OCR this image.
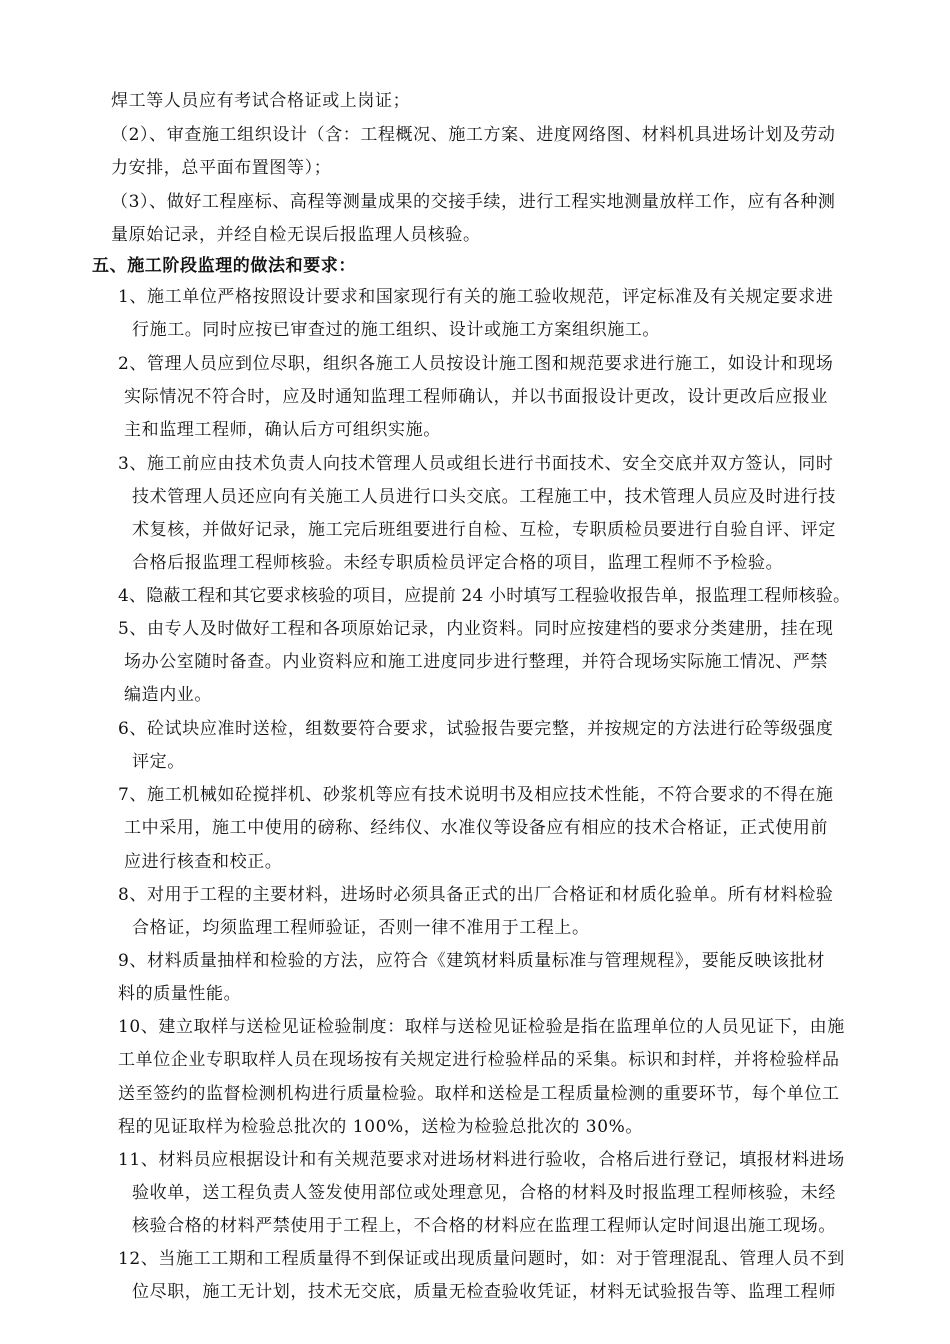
焊工等人员应有考试合格证或上岗证；
（2）、审查施工组织设计（含：工程概况、施工方案、进度网络图、材料机具进场计划及劳动
力安排，总平面布置图等）；
（3）、做好工程座标、高程等测量成果的交接手续，进行工程实地测量放样工作，应有各种测
量原始记录，并经自检无误后报监理人员核验。
五、施工阶段监理的做法和要求：
1、施工单位严格按照设计要求和国家现行有关的施工验收规范，评定标准及有关规定要求进
行施工。同时应按已审查过的施工组织、设计或施工方案组织施工。
2、管理人员应到位尽职，组织各施工人员按设计施工图和规范要求进行施工，如设计和现场
实际情况不符合时，应及时通知监理工程师确认，并以书面报设计更改，设计更改后应报业
主和监理工程师，确认后方可组织实施。
3、施工前应由技术负责人向技术管理人员或组长进行书面技术、安全交底并双方签认，同时
技术管理人员还应向有关施工人员进行口头交底。工程施工中，技术管理人员应及时进行技
术复核，并做好记录，施工完后班组要进行自检、互检，专职质检员要进行自验自评、评定
合格后报监理工程师核验。未经专职质检员评定合格的项目，监理工程师不予检验。
4、隐蔽工程和其它要求核验的项目，应提前 24 小时填写工程验收报告单，报监理工程师核验。
5、由专人及时做好工程和各项原始记录，内业资料。同时应按建档的要求分类建册，挂在现
场办公室随时备查。内业资料应和施工进度同步进行整理，并符合现场实际施工情况、严禁
编造内业。
6、砼试块应准时送检，组数要符合要求，试验报告要完整，并按规定的方法进行砼等级强度
评定。
7、施工机械如砼搅拌机、砂浆机等应有技术说明书及相应技术性能，不符合要求的不得在施
工中采用，施工中使用的磅称、经纬仪、水准仪等设备应有相应的技术合格证，正式使用前
应进行核查和校正。
8、对用于工程的主要材料，进场时必须具备正式的出厂合格证和材质化验单。所有材料检验
合格证，均须监理工程师验证，否则一律不准用于工程上。
9、材料质量抽样和检验的方法，应符合《建筑材料质量标准与管理规程》，要能反映该批材
料的质量性能。
10、建立取样与送检见证检验制度：取样与送检见证检验是指在监理单位的人员见证下，由施
工单位企业专职取样人员在现场按有关规定进行检验样品的采集。标识和封样，并将检验样品
送至签约的监督检测机构进行质量检验。取样和送检是工程质量检测的重要环节，每个单位工
程的见证取样为检验总批次的 100%，送检为检验总批次的 30%。
11、材料员应根据设计和有关规范要求对进场材料进行验收，合格后进行登记，填报材料进场
验收单，送工程负责人签发使用部位或处理意见，合格的材料及时报监理工程师核验，未经
核验合格的材料严禁使用于工程上，不合格的材料应在监理工程师认定时间退出施工现场。
12、当施工工期和工程质量得不到保证或出现质量问题时，如：对于管理混乱、管理人员不到
位尽职，施工无计划，技术无交底，质量无检查验收凭证，材料无试验报告等、监理工程师
